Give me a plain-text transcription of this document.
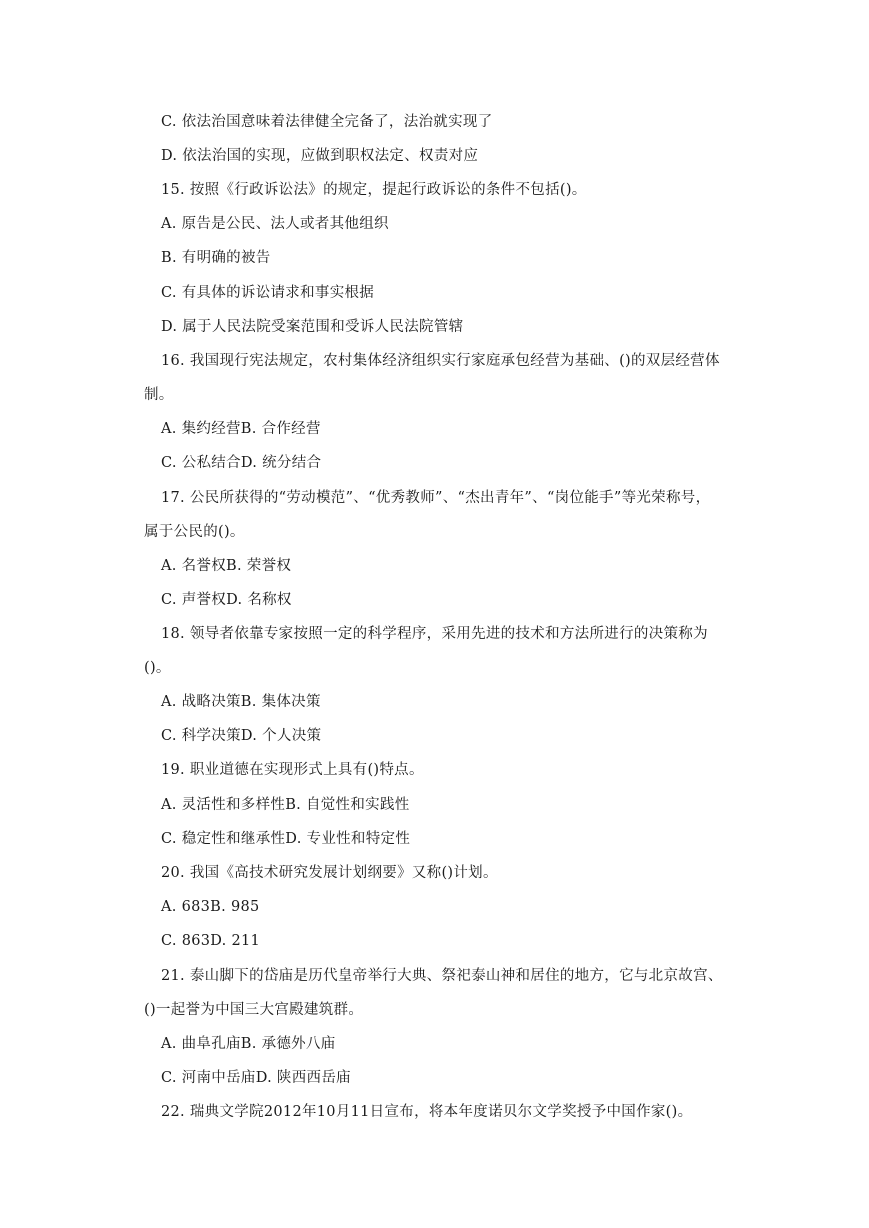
C. 依法治国意味着法律健全完备了，法治就实现了
D. 依法治国的实现，应做到职权法定、权责对应
15. 按照《行政诉讼法》的规定，提起行政诉讼的条件不包括()。
A. 原告是公民、法人或者其他组织
B. 有明确的被告
C. 有具体的诉讼请求和事实根据
D. 属于人民法院受案范围和受诉人民法院管辖
16. 我国现行宪法规定，农村集体经济组织实行家庭承包经营为基础、()的双层经营体
制。
A. 集约经营B. 合作经营
C. 公私结合D. 统分结合
17. 公民所获得的“劳动模范”、“优秀教师”、“杰出青年”、“岗位能手”等光荣称号，
属于公民的()。
A. 名誉权B. 荣誉权
C. 声誉权D. 名称权
18. 领导者依靠专家按照一定的科学程序，采用先进的技术和方法所进行的决策称为
()。
A. 战略决策B. 集体决策
C. 科学决策D. 个人决策
19. 职业道德在实现形式上具有()特点。
A. 灵活性和多样性B. 自觉性和实践性
C. 稳定性和继承性D. 专业性和特定性
20. 我国《高技术研究发展计划纲要》又称()计划。
A. 683B. 985
C. 863D. 211
21. 泰山脚下的岱庙是历代皇帝举行大典、祭祀泰山神和居住的地方，它与北京故宫、
()一起誉为中国三大宫殿建筑群。
A. 曲阜孔庙B. 承德外八庙
C. 河南中岳庙D. 陕西西岳庙
22. 瑞典文学院2012年10月11日宣布，将本年度诺贝尔文学奖授予中国作家()。
